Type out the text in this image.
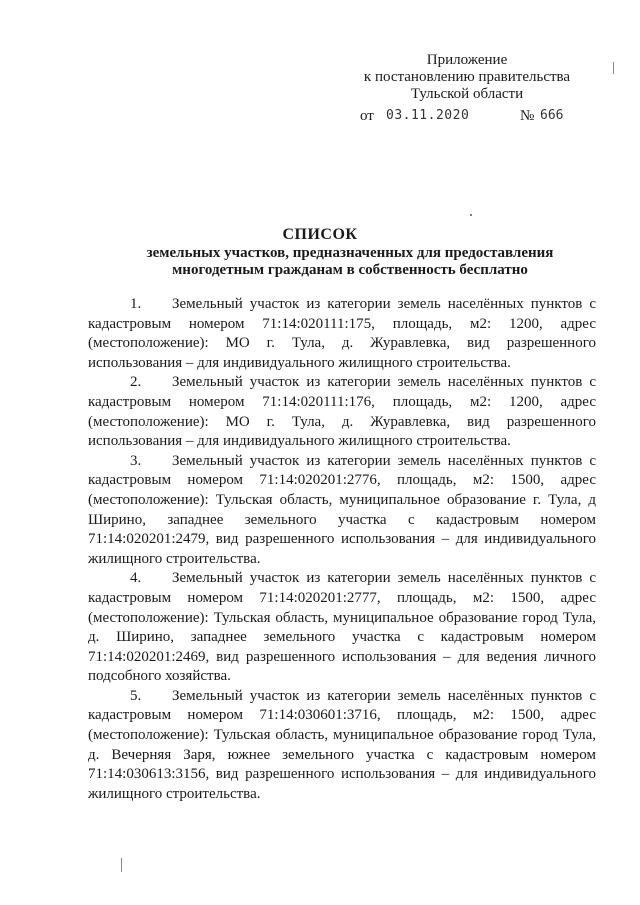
Приложение
к постановлению правительства
Тульской области
от 03.11.2020	№ 666
СПИСОК
земельных участков, предназначенных для предоставления
многодетным гражданам в собственность бесплатно

1. Земельный участок из категории земель населённых пунктов с кадастровым номером 71:14:020111:175, площадь, м2: 1200, адрес (местоположение): МО г. Тула, д. Журавлевка, вид разрешенного использования – для индивидуального жилищного строительства.

2. Земельный участок из категории земель населённых пунктов с кадастровым номером 71:14:020111:176, площадь, м2: 1200, адрес (местоположение): МО г. Тула, д. Журавлевка, вид разрешенного использования – для индивидуального жилищного строительства.

3. Земельный участок из категории земель населённых пунктов с кадастровым номером 71:14:020201:2776, площадь, м2: 1500, адрес (местоположение): Тульская область, муниципальное образование г. Тула, д Ширино, западнее земельного участка с кадастровым номером 71:14:020201:2479, вид разрешенного использования – для индивидуального жилищного строительства.

4. Земельный участок из категории земель населённых пунктов с кадастровым номером 71:14:020201:2777, площадь, м2: 1500, адрес (местоположение): Тульская область, муниципальное образование город Тула, д. Ширино, западнее земельного участка с кадастровым номером 71:14:020201:2469, вид разрешенного использования – для ведения личного подсобного хозяйства.

5. Земельный участок из категории земель населённых пунктов с кадастровым номером 71:14:030601:3716, площадь, м2: 1500, адрес (местоположение): Тульская область, муниципальное образование город Тула, д. Вечерняя Заря, южнее земельного участка с кадастровым номером 71:14:030613:3156, вид разрешенного использования – для индивидуального жилищного строительства.
